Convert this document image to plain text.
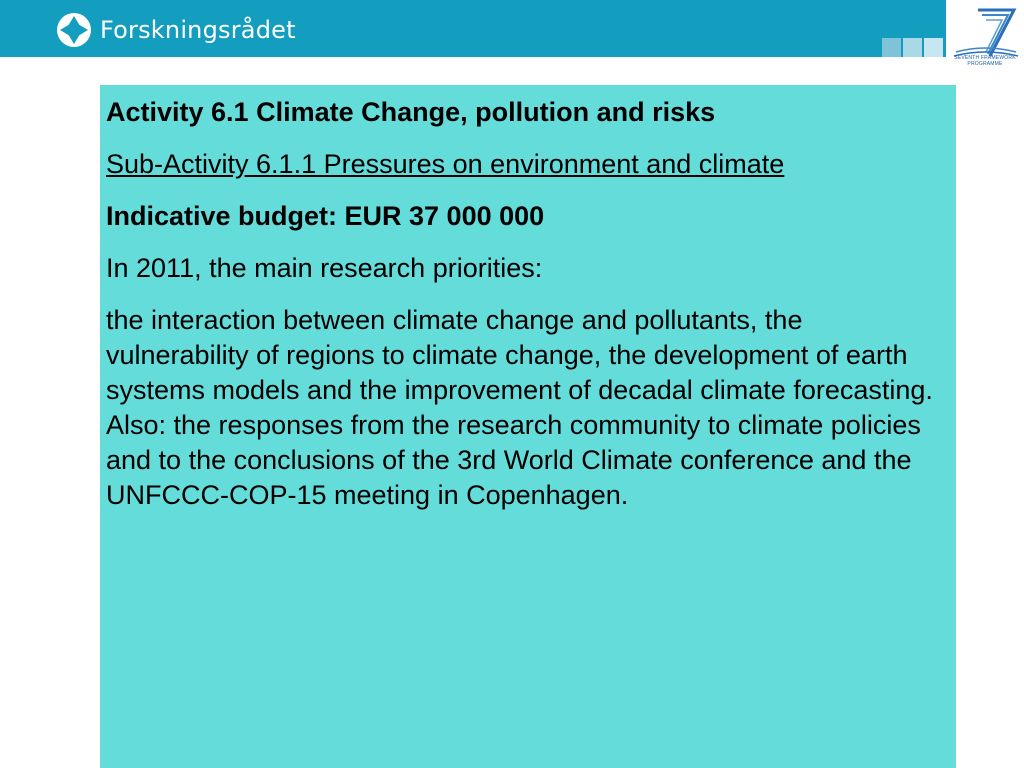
Forskningsrådet
SEVENTH FRAMEWORK
PROGRAMME

Activity 6.1 Climate Change, pollution and risks

Sub-Activity 6.1.1 Pressures on environment and climate

Indicative budget: EUR 37 000 000

In 2011, the main research priorities:

the interaction between climate change and pollutants, the vulnerability of regions to climate change, the development of earth systems models and the improvement of decadal climate forecasting. Also: the responses from the research community to climate policies and to the conclusions of the 3rd World Climate conference and the UNFCCC-COP-15 meeting in Copenhagen.
